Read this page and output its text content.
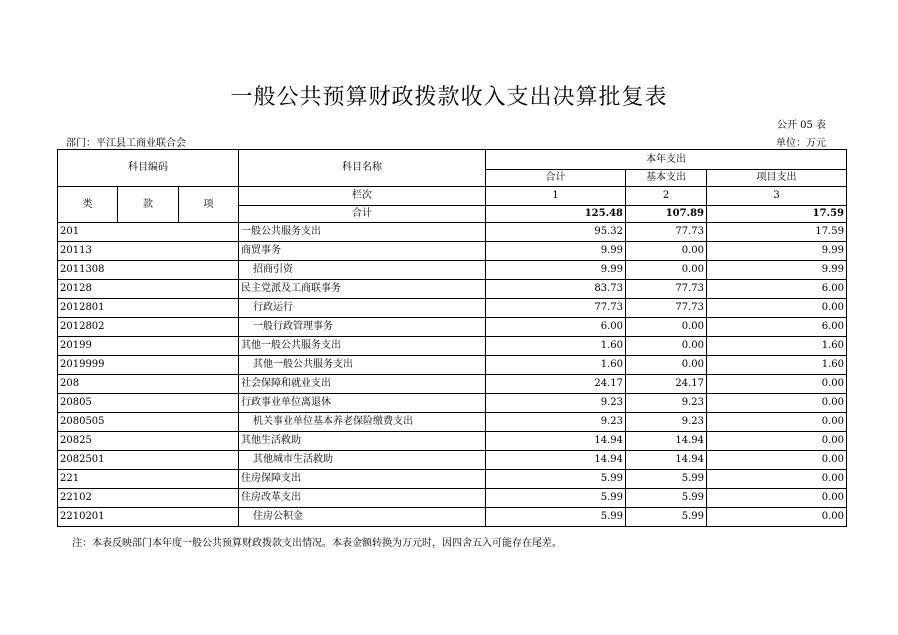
一般公共预算财政拨款收入支出决算批复表
公开 05 表
部门：平江县工商业联合会	单位：万元
科目编码			科目名称	本年支出		
				合计	基本支出	项目支出
类	款	项	栏次	1	2	3
			合计	125.48	107.89	17.59
201			一般公共服务支出	95.32	77.73	17.59
20113			商贸事务	9.99	0.00	9.99
2011308			招商引资	9.99	0.00	9.99
20128			民主党派及工商联事务	83.73	77.73	6.00
2012801			行政运行	77.73	77.73	0.00
2012802			一般行政管理事务	6.00	0.00	6.00
20199			其他一般公共服务支出	1.60	0.00	1.60
2019999			其他一般公共服务支出	1.60	0.00	1.60
208			社会保障和就业支出	24.17	24.17	0.00
20805			行政事业单位离退休	9.23	9.23	0.00
2080505			机关事业单位基本养老保险缴费支出	9.23	9.23	0.00
20825			其他生活救助	14.94	14.94	0.00
2082501			其他城市生活救助	14.94	14.94	0.00
221			住房保障支出	5.99	5.99	0.00
22102			住房改革支出	5.99	5.99	0.00
2210201			住房公积金	5.99	5.99	0.00
注：本表反映部门本年度一般公共预算财政拨款支出情况。本表金额转换为万元时，因四舍五入可能存在尾差。
